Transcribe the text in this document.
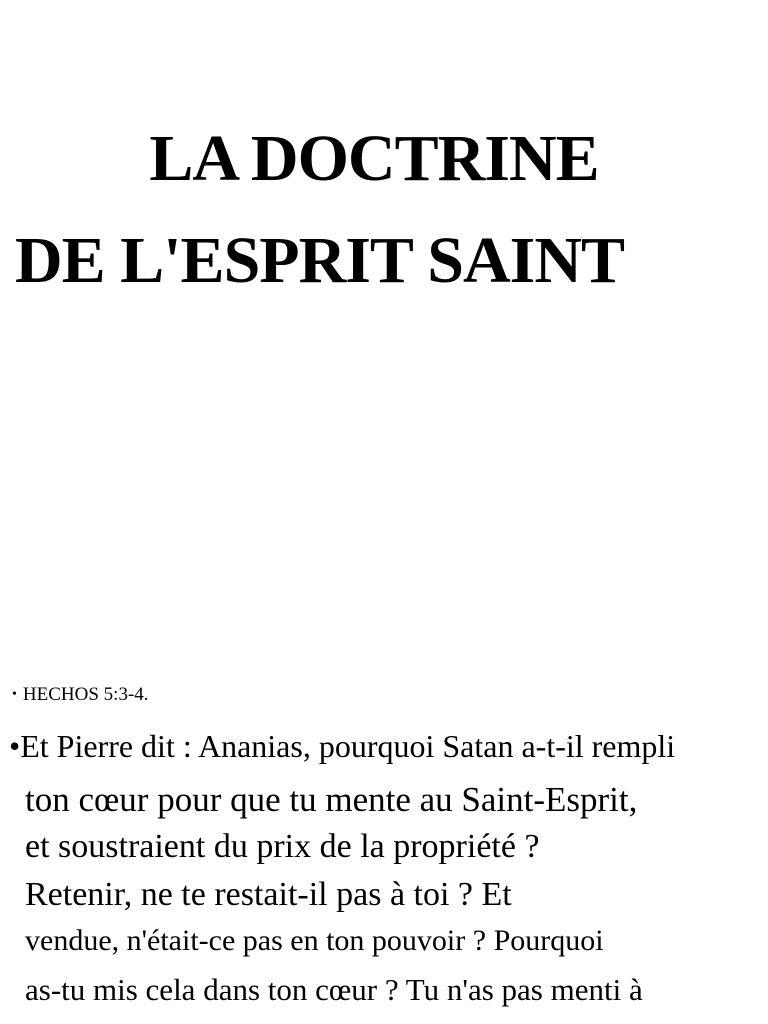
LA DOCTRINE
DE L'ESPRIT SAINT
• HECHOS 5:3-4.

•Et Pierre dit : Ananias, pourquoi Satan a-t-il rempli

ton cœur pour que tu mente au Saint-Esprit,

et soustraient du prix de la propriété ?

Retenir, ne te restait-il pas à toi ? Et

vendue, n'était-ce pas en ton pouvoir ? Pourquoi

as-tu mis cela dans ton cœur ? Tu n'as pas menti à
